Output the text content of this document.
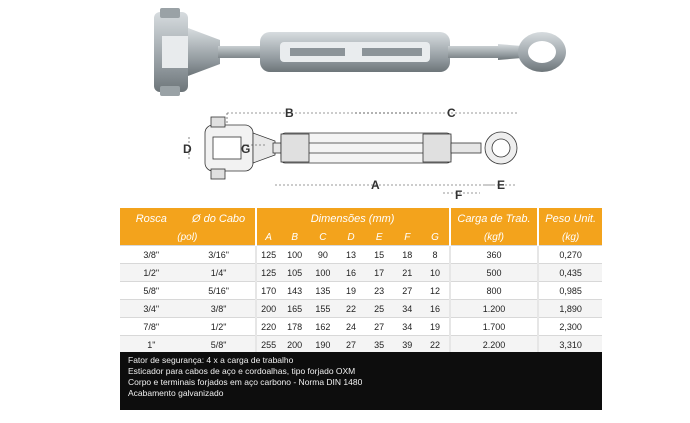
B	C
A
F
E
D	G
Rosca	Ø do Cabo	Dimensões (mm)							Carga de Trab.	Peso Unit.
(pol)		A	B	C	D	E	F	G	(kgf)	(kg)
3/8"	3/16"	125	100	90	13	15	18	8	360	0,270
1/2"	1/4"	125	105	100	16	17	21	10	500	0,435
5/8"	5/16"	170	143	135	19	23	27	12	800	0,985
3/4"	3/8"	200	165	155	22	25	34	16	1.200	1,890
7/8"	1/2"	220	178	162	24	27	34	19	1.700	2,300
1"	5/8"	255	200	190	27	35	39	22	2.200	3,310
Fator de segurança: 4 x a carga de trabalho
Esticador para cabos de aço e cordoalhas, tipo forjado OXM
Corpo e terminais forjados em aço carbono - Norma DIN 1480
Acabamento galvanizado
